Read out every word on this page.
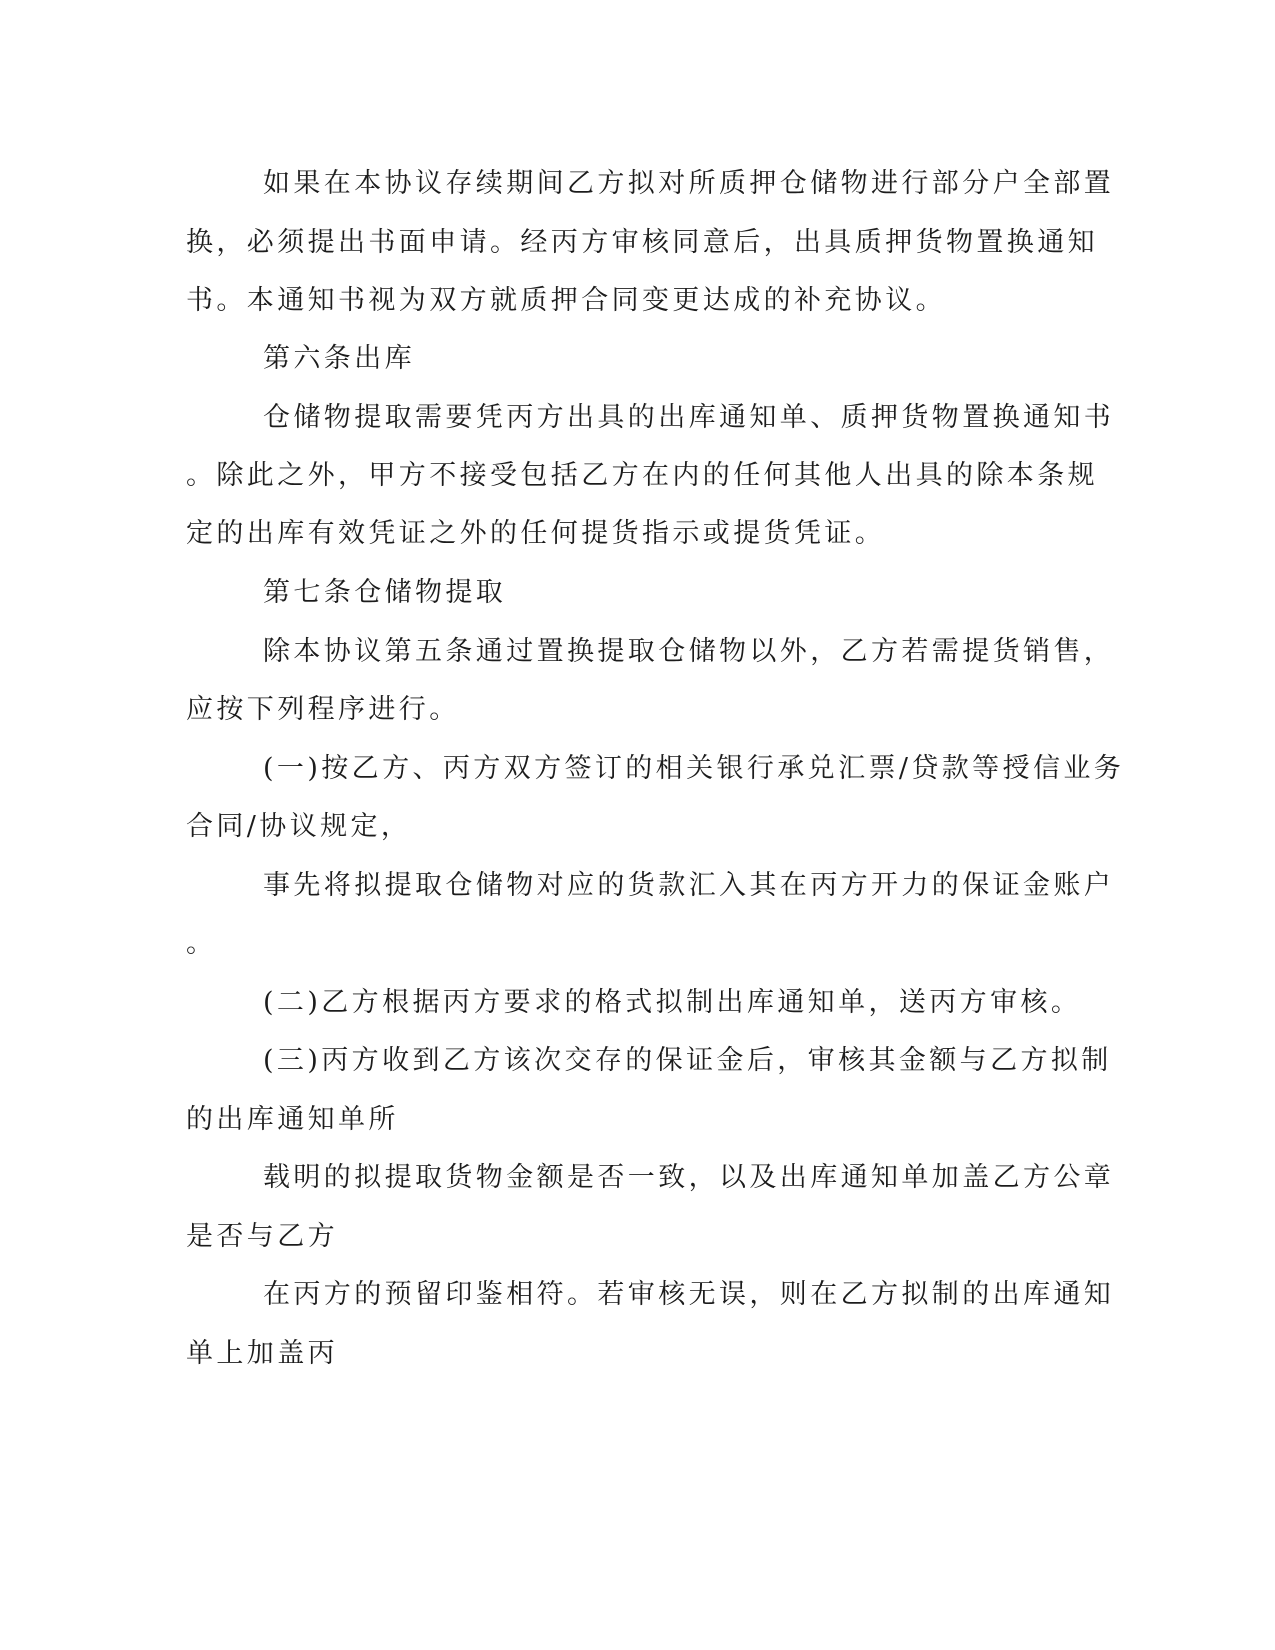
如果在本协议存续期间乙方拟对所质押仓储物进行部分户全部置

换，必须提出书面申请。经丙方审核同意后，出具质押货物置换通知

书。本通知书视为双方就质押合同变更达成的补充协议。

第六条出库

仓储物提取需要凭丙方出具的出库通知单、质押货物置换通知书

。除此之外，甲方不接受包括乙方在内的任何其他人出具的除本条规

定的出库有效凭证之外的任何提货指示或提货凭证。

第七条仓储物提取

除本协议第五条通过置换提取仓储物以外，乙方若需提货销售，

应按下列程序进行。

(一)按乙方、丙方双方签订的相关银行承兑汇票/贷款等授信业务

合同/协议规定，

事先将拟提取仓储物对应的货款汇入其在丙方开力的保证金账户

。

(二)乙方根据丙方要求的格式拟制出库通知单，送丙方审核。

(三)丙方收到乙方该次交存的保证金后，审核其金额与乙方拟制

的出库通知单所

载明的拟提取货物金额是否一致，以及出库通知单加盖乙方公章

是否与乙方

在丙方的预留印鉴相符。若审核无误，则在乙方拟制的出库通知

单上加盖丙
